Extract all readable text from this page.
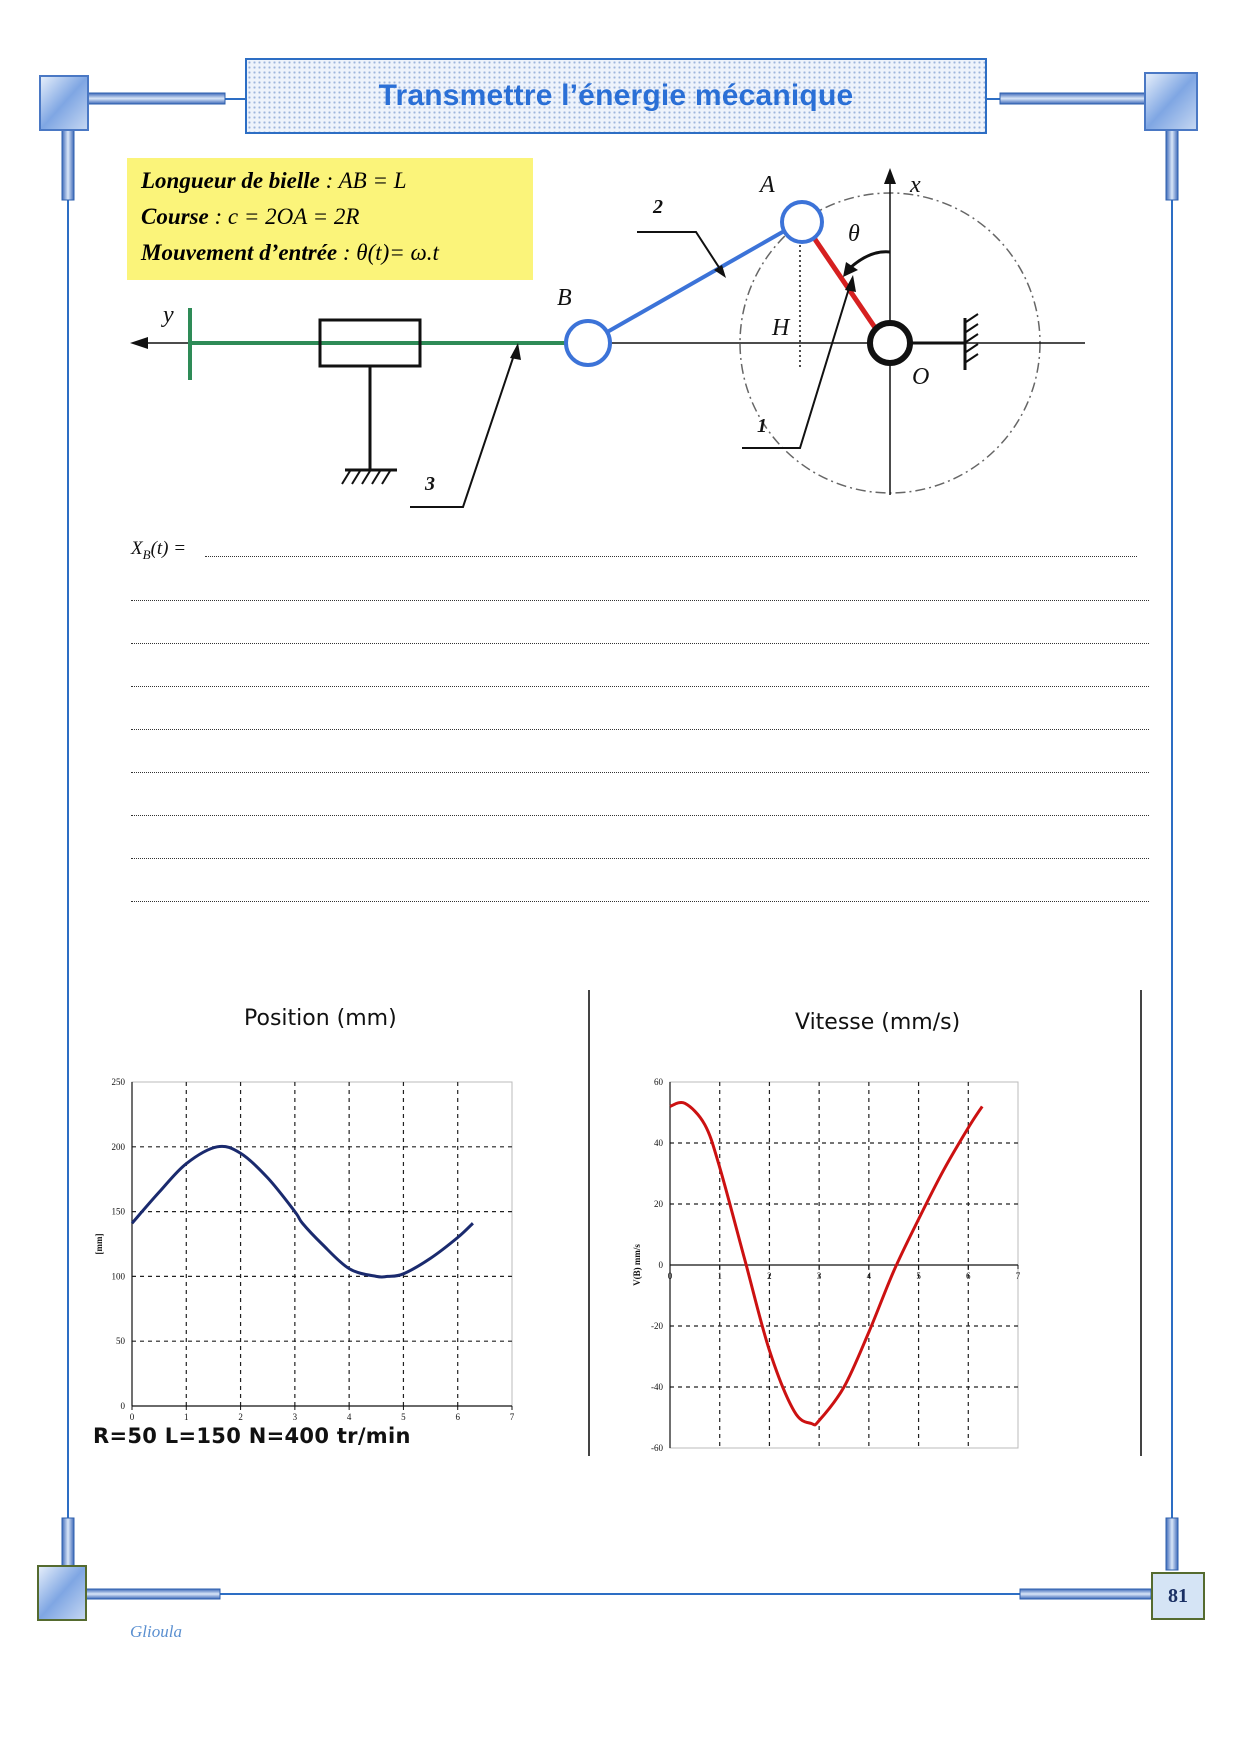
Transmettre l’énergie mécanique
Longueur de bielle : AB = L
Course : c = 2OA = 2R
Mouvement d’entrée : θ(t)= ω.t
A
B
O
H
x
y
θ
1
2
3
$X_B(t)$ =
Position (mm)	Vitesse (mm/s)
0	1	2	3	4	5	6	7
0
50
100
150
200
250
[mm]
0	1	2	3	4	5	6	7
-60
-40
-20
0
20
40
60
V(B) mm/s
R=50 L=150 N=400 tr/min
81
Glioula
